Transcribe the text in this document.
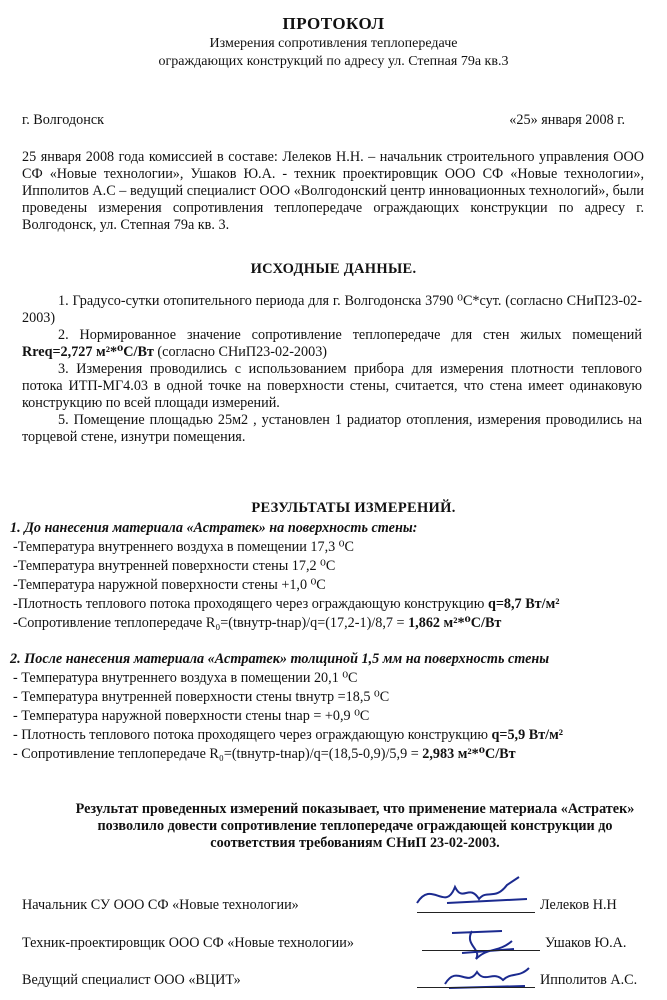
ПРОТОКОЛ
Измерения сопротивления теплопередаче
ограждающих конструкций по адресу ул. Степная 79а кв.3
г. Волгодонск	«25» января 2008 г.
25 января 2008 года комиссией в составе: Лелеков Н.Н. – начальник строительного управления ООО СФ «Новые технологии», Ушаков Ю.А. - техник проектировщик ООО СФ «Новые технологии», Ипполитов А.С – ведущий специалист ООО «Волгодонский центр инновационных технологий», были проведены измерения сопротивления теплопередаче ограждающих конструкции по адресу г. Волгодонск, ул. Степная 79а кв. 3.
ИСХОДНЫЕ ДАННЫЕ.

1. Градусо-сутки отопительного периода для г. Волгодонска 3790 ⁰С*сут. (согласно СНиП23-02-2003)

2. Нормированное значение сопротивление теплопередаче для стен жилых помещений Rreq=2,727 м²*⁰С/Вт (согласно СНиП23-02-2003)

3. Измерения проводились с использованием прибора для измерения плотности теплового потока ИТП-МГ4.03 в одной точке на поверхности стены, считается, что стена имеет одинаковую конструкцию по всей площади измерений.

5. Помещение площадью 25м2 , установлен 1 радиатор отопления, измерения проводились на торцевой стене, изнутри помещения.

РЕЗУЛЬТАТЫ ИЗМЕРЕНИЙ.
1. До нанесения материала «Астратек» на поверхность стены:
-Температура внутреннего воздуха в помещении 17,3 ⁰С
-Температура внутренней поверхности стены 17,2 ⁰С
-Температура наружной поверхности стены +1,0 ⁰С
-Плотность теплового потока проходящего через ограждающую конструкцию q=8,7 Вт/м²
-Сопротивление теплопередаче R₀=(tвнутр-tнар)/q=(17,2-1)/8,7 = 1,862 м²*⁰С/Вт
2. После нанесения материала «Астратек» толщиной 1,5 мм на поверхность стены
- Температура внутреннего воздуха в помещении 20,1 ⁰С
- Температура внутренней поверхности стены tвнутр =18,5 ⁰С
- Температура наружной поверхности стены tнар = +0,9 ⁰С
- Плотность теплового потока проходящего через ограждающую конструкцию q=5,9 Вт/м²
- Сопротивление теплопередаче R₀=(tвнутр-tнар)/q=(18,5-0,9)/5,9 = 2,983 м²*⁰С/Вт
Результат проведенных измерений показывает, что применение материала «Астратек» позволило довести сопротивление теплопередаче ограждающей конструкции до соответствия требованиям СНиП 23-02-2003.
Начальник СУ ООО СФ «Новые технологии»	Лелеков Н.Н
Техник-проектировщик ООО СФ «Новые технологии»	Ушаков Ю.А.
Ведущий специалист ООО «ВЦИТ»	Ипполитов А.С.
